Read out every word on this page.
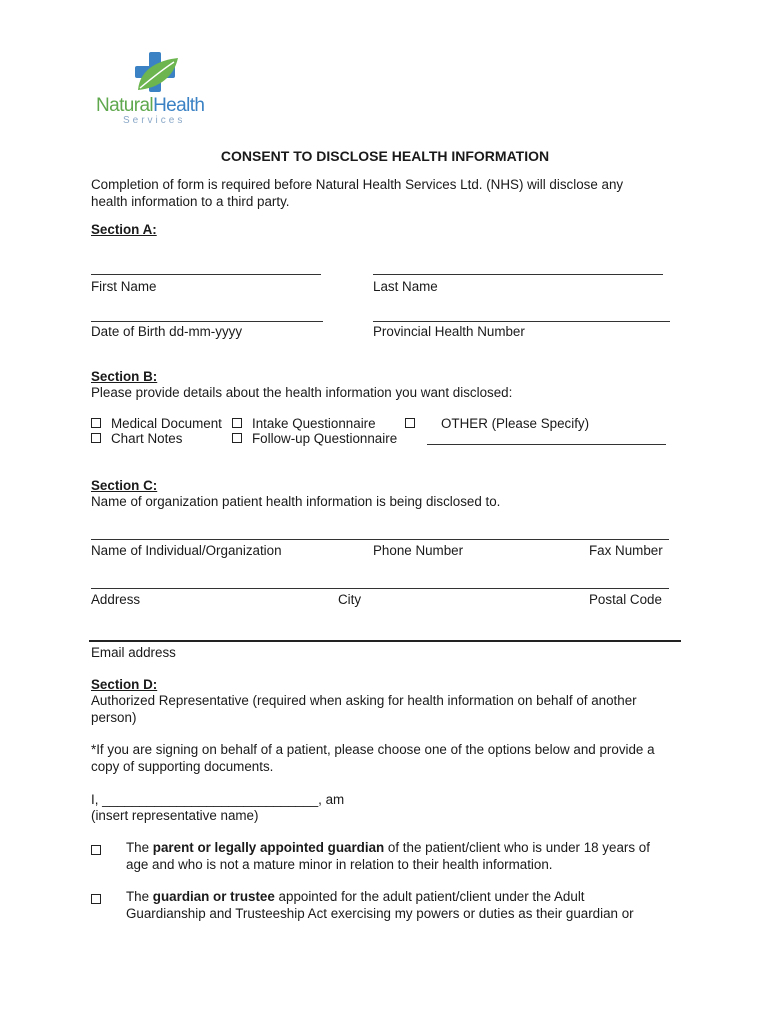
NaturalHealth
Services
CONSENT TO DISCLOSE HEALTH INFORMATION
Completion of form is required before Natural Health Services Ltd. (NHS) will disclose any
health information to a third party.
Section A:
First Name	Last Name
Date of Birth dd-mm-yyyy	Provincial Health Number
Section B:
Please provide details about the health information you want disclosed:
Medical Document	Intake Questionnaire	OTHER (Please Specify)
Chart Notes	Follow-up Questionnaire
Section C:
Name of organization patient health information is being disclosed to.
Name of Individual/Organization	Phone Number	Fax Number
Address	City	Postal Code
Email address
Section D:
Authorized Representative (required when asking for health information on behalf of another
person)
*If you are signing on behalf of a patient, please choose one of the options below and provide a
copy of supporting documents.
I, _____________________________, am
(insert representative name)
The parent or legally appointed guardian of the patient/client who is under 18 years of
age and who is not a mature minor in relation to their health information.
The guardian or trustee appointed for the adult patient/client under the Adult
Guardianship and Trusteeship Act exercising my powers or duties as their guardian or
